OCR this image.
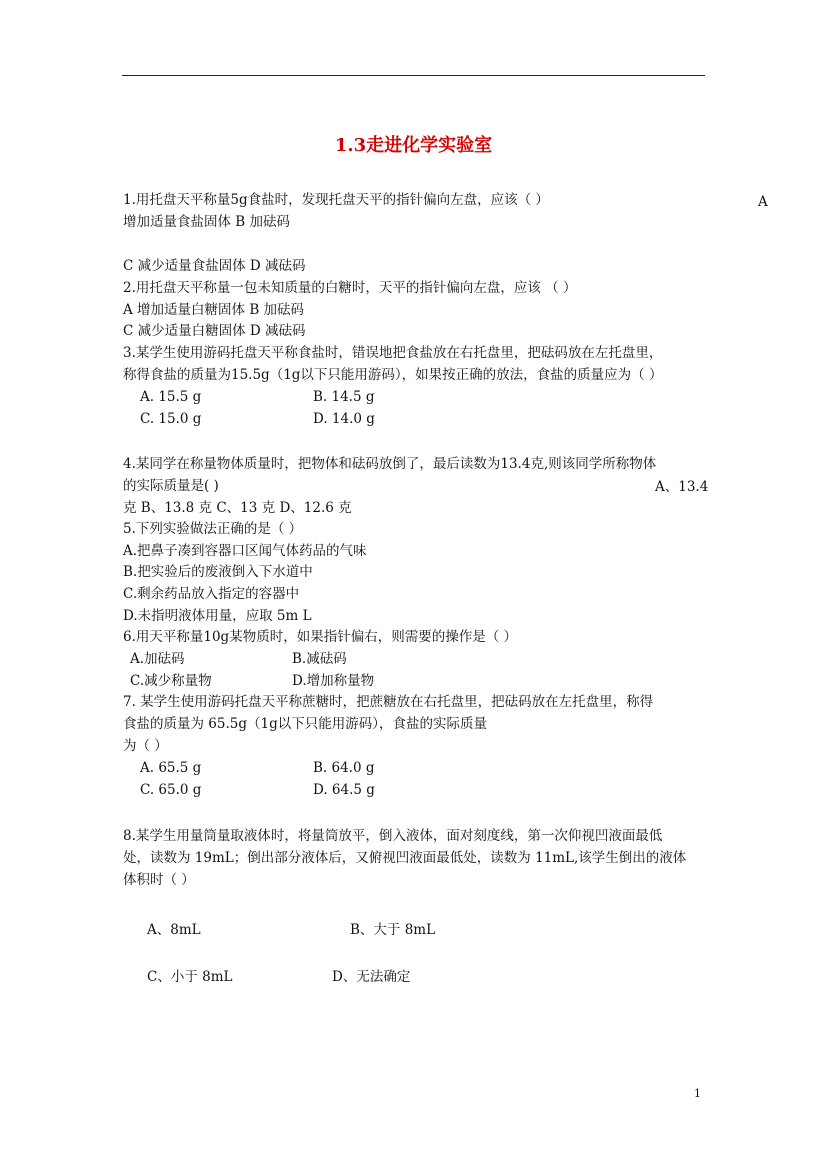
1.3走进化学实验室
1.用托盘天平称量5g食盐时，发现托盘天平的指针偏向左盘，应该（ ）	A
增加适量食盐固体 B 加砝码
C 减少适量食盐固体 D 减砝码
2.用托盘天平称量一包未知质量的白糖时，天平的指针偏向左盘，应该 （ ）
A 增加适量白糖固体 B 加砝码
C 减少适量白糖固体 D 减砝码
3.某学生使用游码托盘天平称食盐时，错误地把食盐放在右托盘里，把砝码放在左托盘里，
称得食盐的质量为15.5g（1g以下只能用游码），如果按正确的放法，食盐的质量应为（ ）
A. 15.5 g	B. 14.5 g
C. 15.0 g	D. 14.0 g
4.某同学在称量物体质量时，把物体和砝码放倒了，最后读数为13.4克,则该同学所称物体
的实际质量是( )	A、13.4
克 B、13.8 克 C、13 克 D、12.6 克
5.下列实验做法正确的是（ ）
A.把鼻子凑到容器口区闻气体药品的气味
B.把实验后的废液倒入下水道中
C.剩余药品放入指定的容器中
D.未指明液体用量，应取 5m L
6.用天平称量10g某物质时，如果指针偏右，则需要的操作是（ ）
A.加砝码	B.减砝码
C.减少称量物	D.增加称量物
7. 某学生使用游码托盘天平称蔗糖时，把蔗糖放在右托盘里，把砝码放在左托盘里，称得
食盐的质量为 65.5g（1g以下只能用游码），食盐的实际质量
为（ ）
A. 65.5 g	B. 64.0 g
C. 65.0 g	D. 64.5 g
8.某学生用量筒量取液体时，将量筒放平，倒入液体，面对刻度线，第一次仰视凹液面最低
处，读数为 19mL；倒出部分液体后，又俯视凹液面最低处，读数为 11mL,该学生倒出的液体
体积时（ ）
A、8mL	B、大于 8mL
C、小于 8mL	D、无法确定
1
